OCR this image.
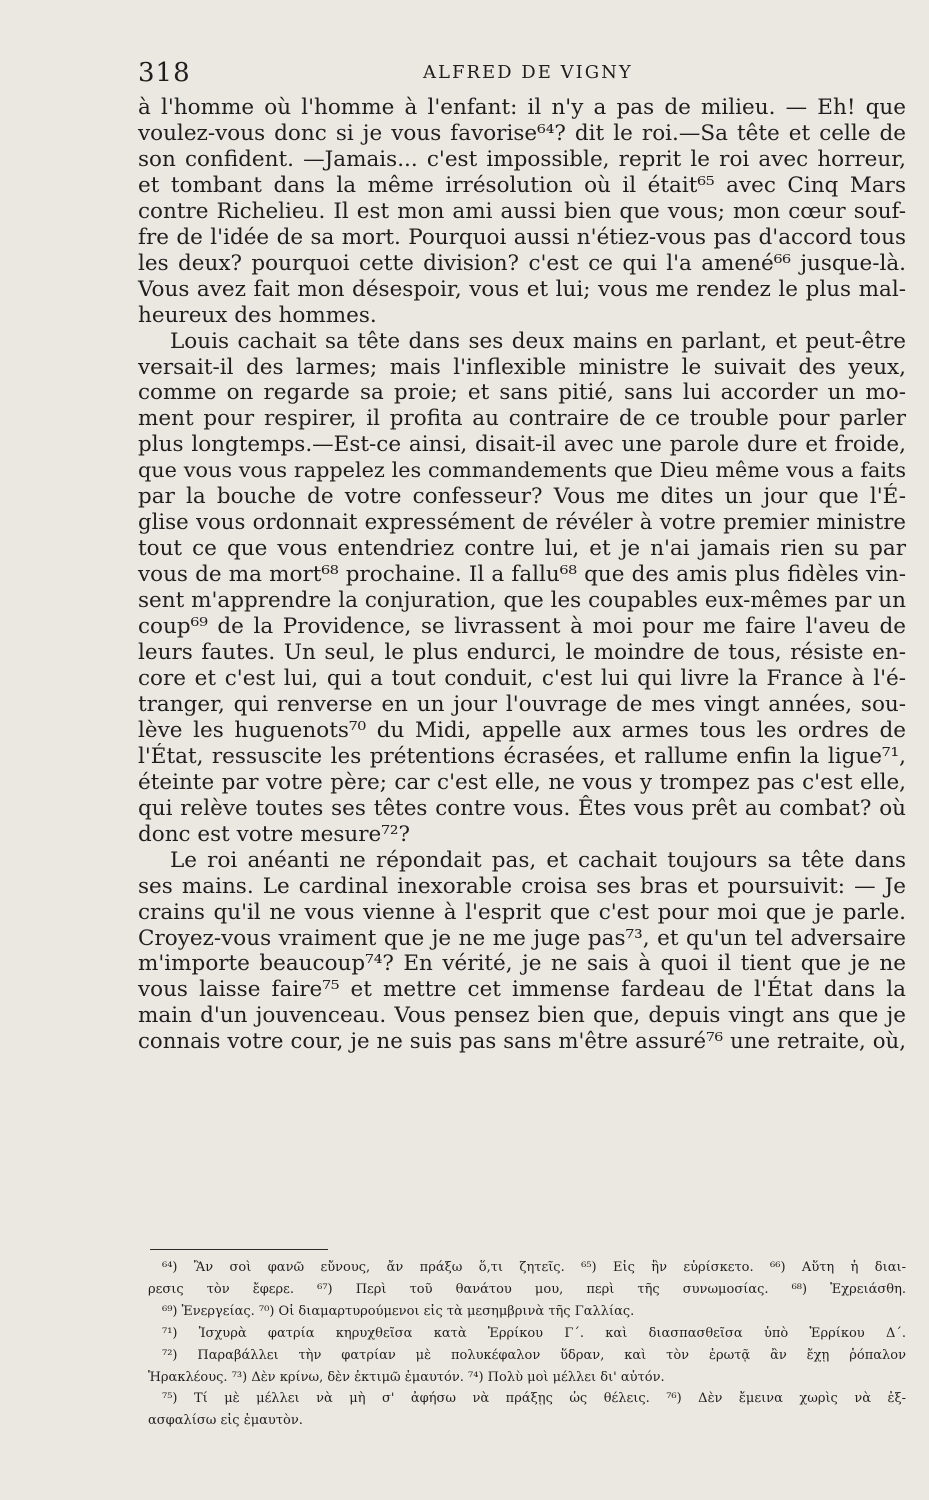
318	ALFRED DE VIGNY
à l'homme où l'homme à l'enfant: il n'y a pas de milieu. — Eh! que
voulez-vous donc si je vous favorise⁶⁴? dit le roi.—Sa tête et celle de
son confident. —Jamais... c'est impossible, reprit le roi avec horreur,
et tombant dans la même irrésolution où il était⁶⁵ avec Cinq Mars
contre Richelieu. Il est mon ami aussi bien que vous; mon cœur souf-
fre de l'idée de sa mort. Pourquoi aussi n'étiez-vous pas d'accord tous
les deux? pourquoi cette division? c'est ce qui l'a amené⁶⁶ jusque-là.
Vous avez fait mon désespoir, vous et lui; vous me rendez le plus mal-
heureux des hommes.
Louis cachait sa tête dans ses deux mains en parlant, et peut-être
versait-il des larmes; mais l'inflexible ministre le suivait des yeux,
comme on regarde sa proie; et sans pitié, sans lui accorder un mo-
ment pour respirer, il profita au contraire de ce trouble pour parler
plus longtemps.—Est-ce ainsi, disait-il avec une parole dure et froide,
que vous vous rappelez les commandements que Dieu même vous a faits
par la bouche de votre confesseur? Vous me dites un jour que l'É-
glise vous ordonnait expressément de révéler à votre premier ministre
tout ce que vous entendriez contre lui, et je n'ai jamais rien su par
vous de ma mort⁶⁸ prochaine. Il a fallu⁶⁸ que des amis plus fidèles vin-
sent m'apprendre la conjuration, que les coupables eux-mêmes par un
coup⁶⁹ de la Providence, se livrassent à moi pour me faire l'aveu de
leurs fautes. Un seul, le plus endurci, le moindre de tous, résiste en-
core et c'est lui, qui a tout conduit, c'est lui qui livre la France à l'é-
tranger, qui renverse en un jour l'ouvrage de mes vingt années, sou-
lève les huguenots⁷⁰ du Midi, appelle aux armes tous les ordres de
l'État, ressuscite les prétentions écrasées, et rallume enfin la ligue⁷¹,
éteinte par votre père; car c'est elle, ne vous y trompez pas c'est elle,
qui relève toutes ses têtes contre vous. Êtes vous prêt au combat? où
donc est votre mesure⁷²?
Le roi anéanti ne répondait pas, et cachait toujours sa tête dans
ses mains. Le cardinal inexorable croisa ses bras et poursuivit: — Je
crains qu'il ne vous vienne à l'esprit que c'est pour moi que je parle.
Croyez-vous vraiment que je ne me juge pas⁷³, et qu'un tel adversaire
m'importe beaucoup⁷⁴? En vérité, je ne sais à quoi il tient que je ne
vous laisse faire⁷⁵ et mettre cet immense fardeau de l'État dans la
main d'un jouvenceau. Vous pensez bien que, depuis vingt ans que je
connais votre cour, je ne suis pas sans m'être assuré⁷⁶ une retraite, où,
⁶⁴) Ἂν σοὶ φανῶ εὔνους, ἄν πράξω ὅ,τι ζητεῖς. ⁶⁵) Εἰς ἣν εὑρίσκετο. ⁶⁶) Αὕτη ἡ διαι-
ρεσις τὸν ἔφερε. ⁶⁷) Περὶ τοῦ θανάτου μου, περὶ τῆς συνωμοσίας. ⁶⁸) Ἐχρειάσθη.
⁶⁹) Ἐνεργείας. ⁷⁰) Οἱ διαμαρτυρούμενοι εἰς τὰ μεσημβρινὰ τῆς Γαλλίας.
⁷¹) Ἰσχυρὰ φατρία κηρυχθεῖσα κατὰ Ἑρρίκου Γ΄. καὶ διασπασθεῖσα ὑπὸ Ἑρρίκου Δ΄.
⁷²) Παραβάλλει τὴν φατρίαν μὲ πολυκέφαλον ὕδραν, καὶ τὸν ἐρωτᾷ ἂν ἔχῃ ῥόπαλον
Ἡρακλέους. ⁷³) Δὲν κρίνω, δὲν ἐκτιμῶ ἐμαυτόν. ⁷⁴) Πολὺ μοὶ μέλλει δι' αὐτόν.
⁷⁵) Τί μὲ μέλλει νὰ μὴ σ' ἀφήσω νὰ πράξῃς ὡς θέλεις. ⁷⁶) Δὲν ἔμεινα χωρὶς νὰ ἐξ-
ασφαλίσω εἰς ἐμαυτὸν.
